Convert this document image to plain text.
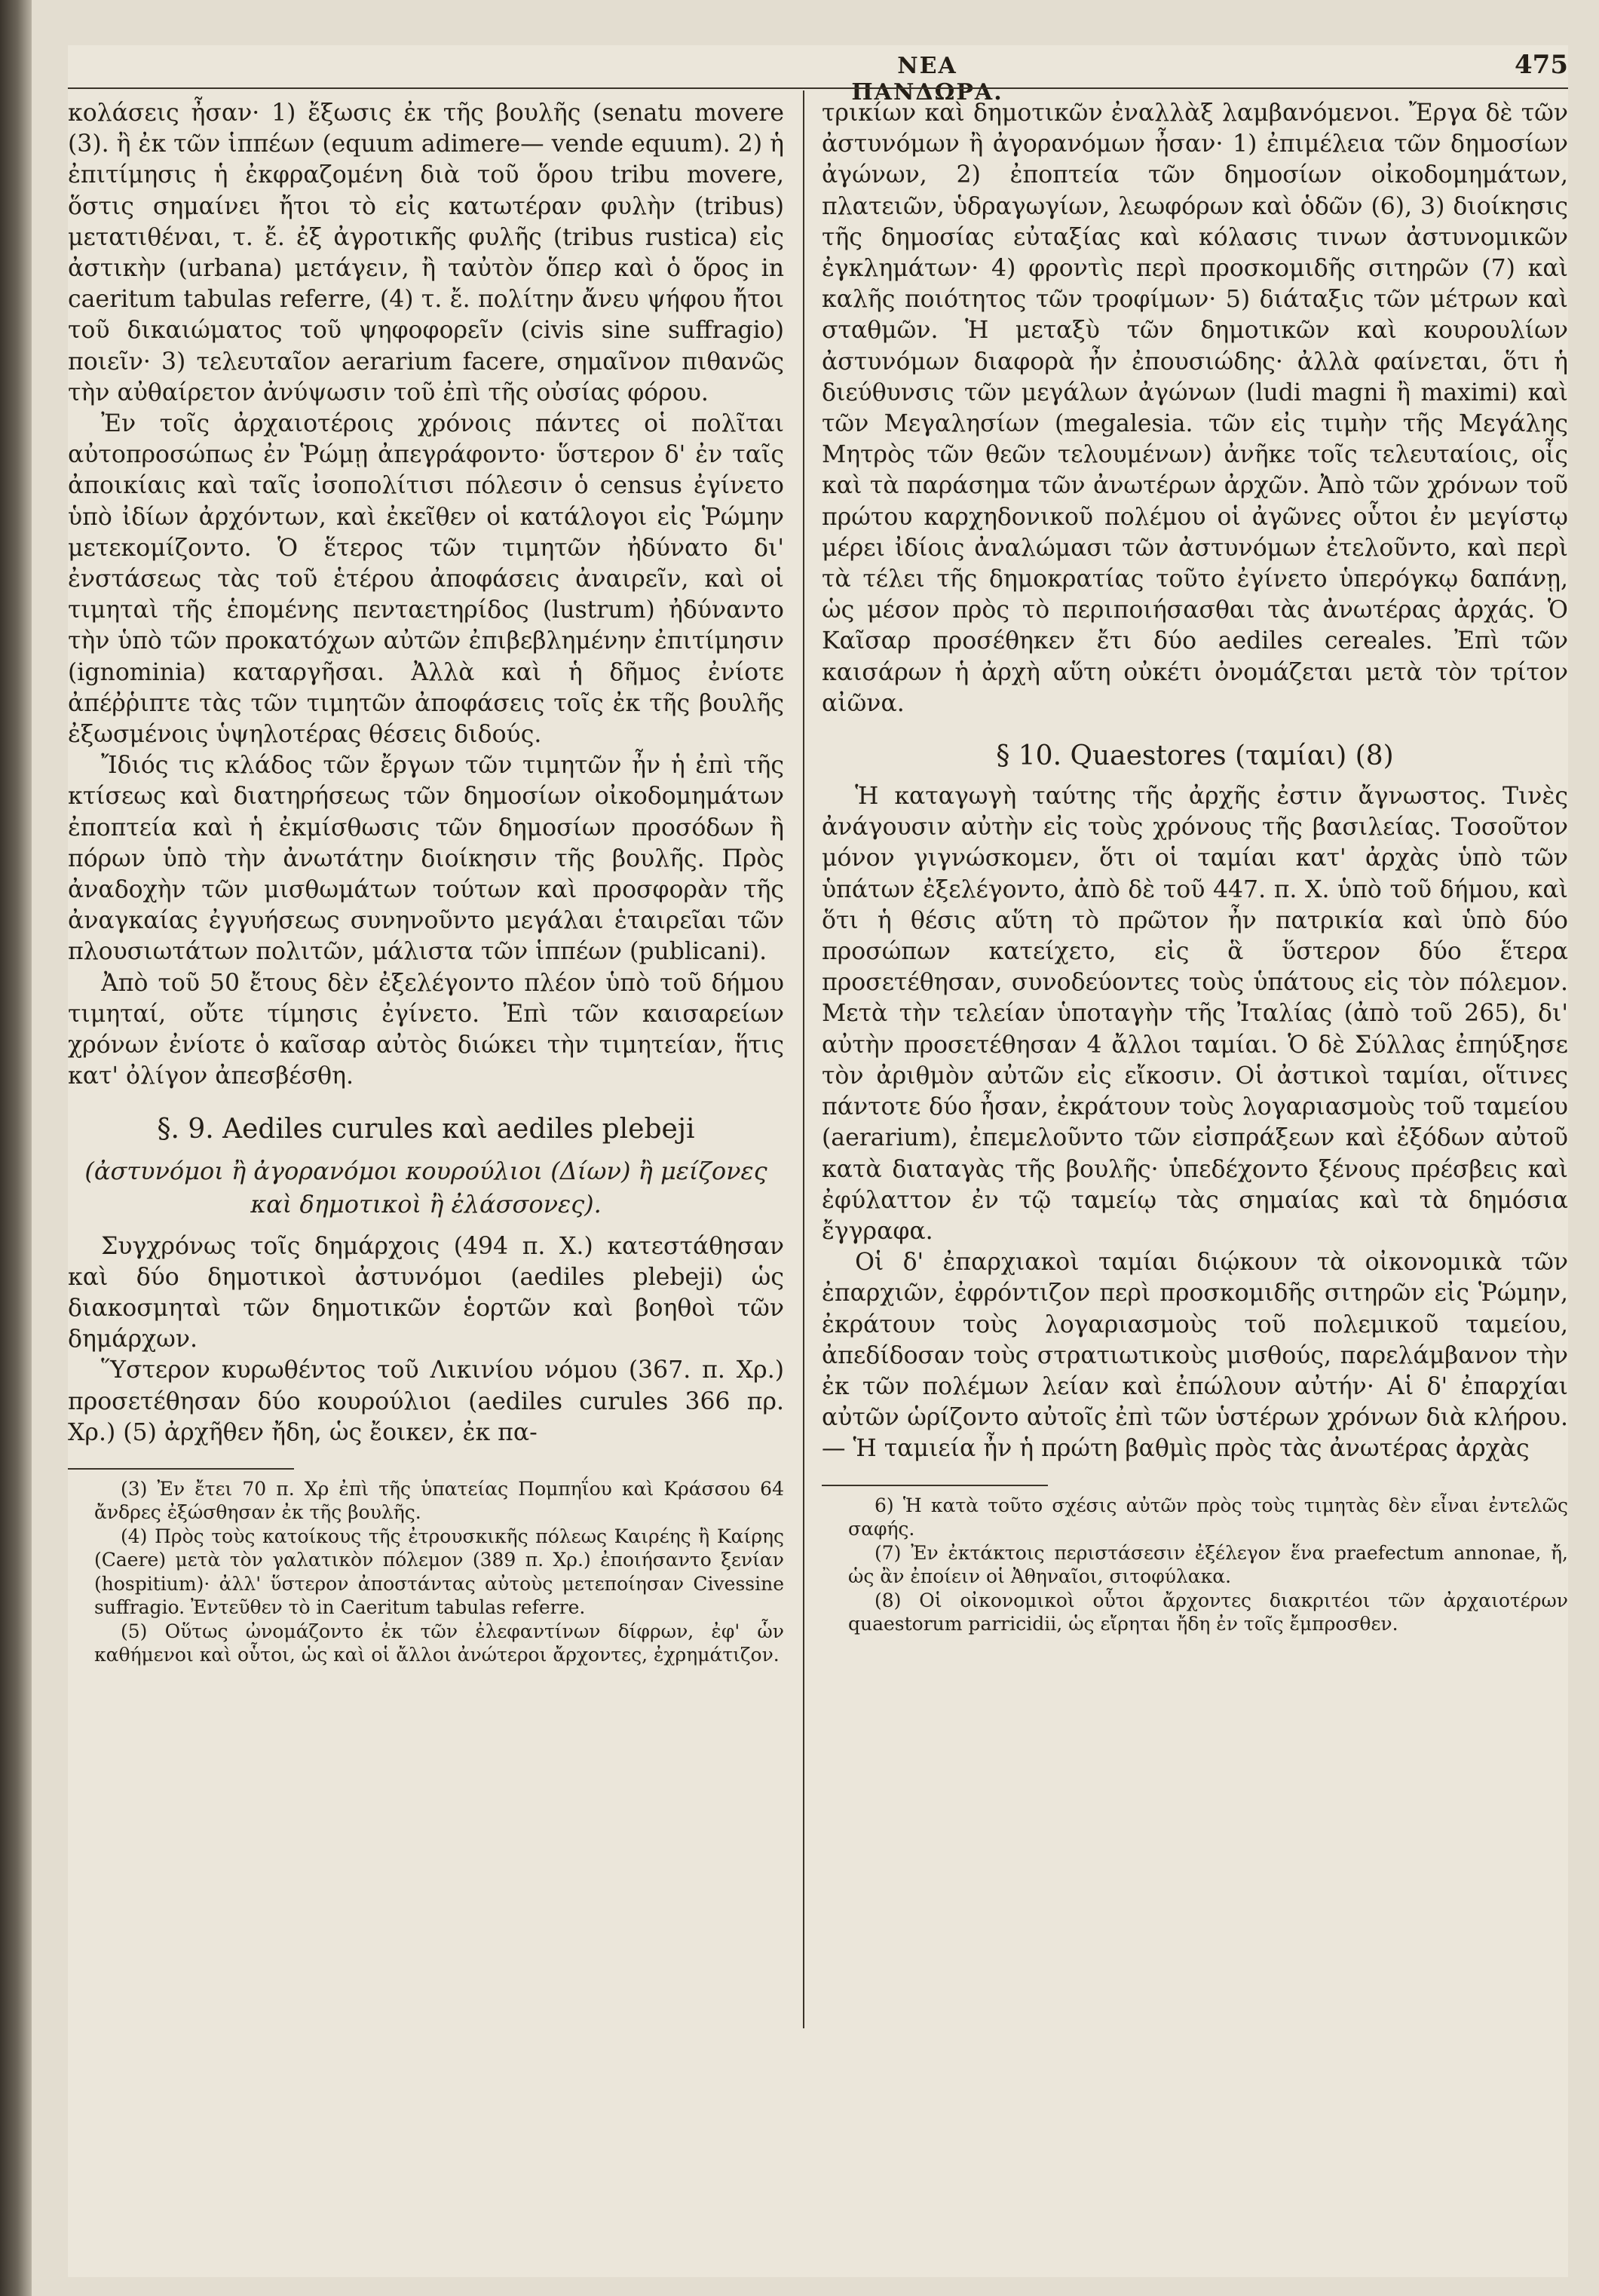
ΝΕΑ ΠΑΝΔΩΡΑ.
475

κολάσεις ἦσαν· 1) ἔξωσις ἐκ τῆς βουλῆς (senatu movere (3). ἢ ἐκ τῶν ἱππέων (equum adimere— vende equum). 2) ἡ ἐπιτίμησις ἡ ἐκφραζομένη διὰ τοῦ ὅρου tribu movere, ὅστις σημαίνει ἤτοι τὸ εἰς κατωτέραν φυλὴν (tribus) μετατιθέναι, τ. ἔ. ἐξ ἀγροτικῆς φυλῆς (tribus rustica) εἰς ἀστικὴν (urbana) μετάγειν, ἢ ταὐτὸν ὅπερ καὶ ὁ ὅρος in caeritum tabulas referre, (4) τ. ἔ. πολίτην ἄνευ ψήφου ἤτοι τοῦ δικαιώματος τοῦ ψηφοφορεῖν (civis sine suffragio) ποιεῖν· 3) τελευταῖον aerarium facere, σημαῖνον πιθανῶς τὴν αὐθαίρετον ἀνύψωσιν τοῦ ἐπὶ τῆς οὐσίας φόρου.

Ἐν τοῖς ἀρχαιοτέροις χρόνοις πάντες οἱ πολῖται αὐτοπροσώπως ἐν Ῥώμῃ ἀπεγράφοντο· ὕστερον δ' ἐν ταῖς ἀποικίαις καὶ ταῖς ἰσοπολίτισι πόλεσιν ὁ census ἐγίνετο ὑπὸ ἰδίων ἀρχόντων, καὶ ἐκεῖθεν οἱ κατάλογοι εἰς Ῥώμην μετεκομίζοντο. Ὁ ἕτερος τῶν τιμητῶν ἠδύνατο δι' ἐνστάσεως τὰς τοῦ ἑτέρου ἀποφάσεις ἀναιρεῖν, καὶ οἱ τιμηταὶ τῆς ἑπομένης πενταετηρίδος (lustrum) ἠδύναντο τὴν ὑπὸ τῶν προκατόχων αὐτῶν ἐπιβεβλημένην ἐπιτίμησιν (ignominia) καταργῆσαι. Ἀλλὰ καὶ ἡ δῆμος ἐνίοτε ἀπέῤῥιπτε τὰς τῶν τιμητῶν ἀποφάσεις τοῖς ἐκ τῆς βουλῆς ἐξωσμένοις ὑψηλοτέρας θέσεις διδούς.

Ἴδιός τις κλάδος τῶν ἔργων τῶν τιμητῶν ἦν ἡ ἐπὶ τῆς κτίσεως καὶ διατηρήσεως τῶν δημοσίων οἰκοδομημάτων ἐποπτεία καὶ ἡ ἐκμίσθωσις τῶν δημοσίων προσόδων ἢ πόρων ὑπὸ τὴν ἀνωτάτην διοίκησιν τῆς βουλῆς. Πρὸς ἀναδοχὴν τῶν μισθωμάτων τούτων καὶ προσφορὰν τῆς ἀναγκαίας ἐγγυήσεως συνηνοῦντο μεγάλαι ἑταιρεῖαι τῶν πλουσιωτάτων πολιτῶν, μάλιστα τῶν ἱππέων (publicani).

Ἀπὸ τοῦ 50 ἔτους δὲν ἐξελέγοντο πλέον ὑπὸ τοῦ δήμου τιμηταί, οὔτε τίμησις ἐγίνετο. Ἐπὶ τῶν καισαρείων χρόνων ἐνίοτε ὁ καῖσαρ αὐτὸς διώκει τὴν τιμητείαν, ἥτις κατ' ὀλίγον ἀπεσβέσθη.

§. 9. Aediles curules καὶ aediles plebeji
(ἀστυνόμοι ἢ ἀγορανόμοι κουρούλιοι (Δίων) ἢ μείζονες καὶ δημοτικοὶ ἢ ἐλάσσονες).

Συγχρόνως τοῖς δημάρχοις (494 π. Χ.) κατεστάθησαν καὶ δύο δημοτικοὶ ἀστυνόμοι (aediles plebeji) ὡς διακοσμηταὶ τῶν δημοτικῶν ἑορτῶν καὶ βοηθοὶ τῶν δημάρχων.

Ὕστερον κυρωθέντος τοῦ Λικινίου νόμου (367. π. Χρ.) προσετέθησαν δύο κουρούλιοι (aediles curules 366 πρ. Χρ.) (5) ἀρχῆθεν ἤδη, ὡς ἔοικεν, ἐκ πα-

(3) Ἐν ἔτει 70 π. Χρ ἐπὶ τῆς ὑπατείας Πομπηΐου καὶ Κράσσου 64 ἄνδρες ἐξώσθησαν ἐκ τῆς βουλῆς.

(4) Πρὸς τοὺς κατοίκους τῆς ἐτρουσκικῆς πόλεως Καιρέης ἢ Καίρης (Caere) μετὰ τὸν γαλατικὸν πόλεμον (389 π. Χρ.) ἐποιήσαντο ξενίαν (hospitium)· ἀλλ' ὕστερον ἀποστάντας αὐτοὺς μετεποίησαν Civessine suffragio. Ἐντεῦθεν τὸ in Caeritum tabulas referre.

(5) Οὕτως ὠνομάζοντο ἐκ τῶν ἐλεφαντίνων δίφρων, ἐφ' ὧν καθήμενοι καὶ οὗτοι, ὡς καὶ οἱ ἄλλοι ἀνώτεροι ἄρχοντες, ἐχρημάτιζον.

τρικίων καὶ δημοτικῶν ἐναλλὰξ λαμβανόμενοι. Ἔργα δὲ τῶν ἀστυνόμων ἢ ἀγορανόμων ἦσαν· 1) ἐπιμέλεια τῶν δημοσίων ἀγώνων, 2) ἐποπτεία τῶν δημοσίων οἰκοδομημάτων, πλατειῶν, ὑδραγωγίων, λεωφόρων καὶ ὁδῶν (6), 3) διοίκησις τῆς δημοσίας εὐταξίας καὶ κόλασις τινων ἀστυνομικῶν ἐγκλημάτων· 4) φροντὶς περὶ προσκομιδῆς σιτηρῶν (7) καὶ καλῆς ποιότητος τῶν τροφίμων· 5) διάταξις τῶν μέτρων καὶ σταθμῶν. Ἡ μεταξὺ τῶν δημοτικῶν καὶ κουρουλίων ἀστυνόμων διαφορὰ ἦν ἐπουσιώδης· ἀλλὰ φαίνεται, ὅτι ἡ διεύθυνσις τῶν μεγάλων ἀγώνων (ludi magni ἢ maximi) καὶ τῶν Μεγαλησίων (megalesia. τῶν εἰς τιμὴν τῆς Μεγάλης Μητρὸς τῶν θεῶν τελουμένων) ἀνῆκε τοῖς τελευταίοις, οἷς καὶ τὰ παράσημα τῶν ἀνωτέρων ἀρχῶν. Ἀπὸ τῶν χρόνων τοῦ πρώτου καρχηδονικοῦ πολέμου οἱ ἀγῶνες οὗτοι ἐν μεγίστῳ μέρει ἰδίοις ἀναλώμασι τῶν ἀστυνόμων ἐτελοῦντο, καὶ περὶ τὰ τέλει τῆς δημοκρατίας τοῦτο ἐγίνετο ὑπερόγκῳ δαπάνῃ, ὡς μέσον πρὸς τὸ περιποιήσασθαι τὰς ἀνωτέρας ἀρχάς. Ὁ Καῖσαρ προσέθηκεν ἔτι δύο aediles cereales. Ἐπὶ τῶν καισάρων ἡ ἀρχὴ αὕτη οὐκέτι ὀνομάζεται μετὰ τὸν τρίτον αἰῶνα.

§ 10. Quaestores (ταμίαι) (8)

Ἡ καταγωγὴ ταύτης τῆς ἀρχῆς ἐστιν ἄγνωστος. Τινὲς ἀνάγουσιν αὐτὴν εἰς τοὺς χρόνους τῆς βασιλείας. Τοσοῦτον μόνον γιγνώσκομεν, ὅτι οἱ ταμίαι κατ' ἀρχὰς ὑπὸ τῶν ὑπάτων ἐξελέγοντο, ἀπὸ δὲ τοῦ 447. π. Χ. ὑπὸ τοῦ δήμου, καὶ ὅτι ἡ θέσις αὕτη τὸ πρῶτον ἦν πατρικία καὶ ὑπὸ δύο προσώπων κατείχετο, εἰς ἃ ὕστερον δύο ἕτερα προσετέθησαν, συνοδεύοντες τοὺς ὑπάτους εἰς τὸν πόλεμον. Μετὰ τὴν τελείαν ὑποταγὴν τῆς Ἰταλίας (ἀπὸ τοῦ 265), δι' αὐτὴν προσετέθησαν 4 ἄλλοι ταμίαι. Ὁ δὲ Σύλλας ἐπηύξησε τὸν ἀριθμὸν αὐτῶν εἰς εἴκοσιν. Οἱ ἀστικοὶ ταμίαι, οἵτινες πάντοτε δύο ἦσαν, ἐκράτουν τοὺς λογαριασμοὺς τοῦ ταμείου (aerarium), ἐπεμελοῦντο τῶν εἰσπράξεων καὶ ἐξόδων αὐτοῦ κατὰ διαταγὰς τῆς βουλῆς· ὑπεδέχοντο ξένους πρέσβεις καὶ ἐφύλαττον ἐν τῷ ταμείῳ τὰς σημαίας καὶ τὰ δημόσια ἔγγραφα.

Οἱ δ' ἐπαρχιακοὶ ταμίαι διῴκουν τὰ οἰκονομικὰ τῶν ἐπαρχιῶν, ἐφρόντιζον περὶ προσκομιδῆς σιτηρῶν εἰς Ῥώμην, ἐκράτουν τοὺς λογαριασμοὺς τοῦ πολεμικοῦ ταμείου, ἀπεδίδοσαν τοὺς στρατιωτικοὺς μισθούς, παρελάμβανον τὴν ἐκ τῶν πολέμων λείαν καὶ ἐπώλουν αὐτήν· Αἱ δ' ἐπαρχίαι αὐτῶν ὡρίζοντο αὐτοῖς ἐπὶ τῶν ὑστέρων χρόνων διὰ κλήρου. — Ἡ ταμιεία ἦν ἡ πρώτη βαθμὶς πρὸς τὰς ἀνωτέρας ἀρχὰς

6) Ἡ κατὰ τοῦτο σχέσις αὐτῶν πρὸς τοὺς τιμητὰς δὲν εἶναι ἐντελῶς σαφής.

(7) Ἐν ἐκτάκτοις περιστάσεσιν ἐξέλεγον ἕνα praefectum annonae, ἤ, ὡς ἂν ἐποίειν οἱ Ἀθηναῖοι, σιτοφύλακα.

(8) Οἱ οἰκονομικοὶ οὗτοι ἄρχοντες διακριτέοι τῶν ἀρχαιοτέρων quaestorum parricidii, ὡς εἴρηται ἤδη ἐν τοῖς ἔμπροσθεν.
